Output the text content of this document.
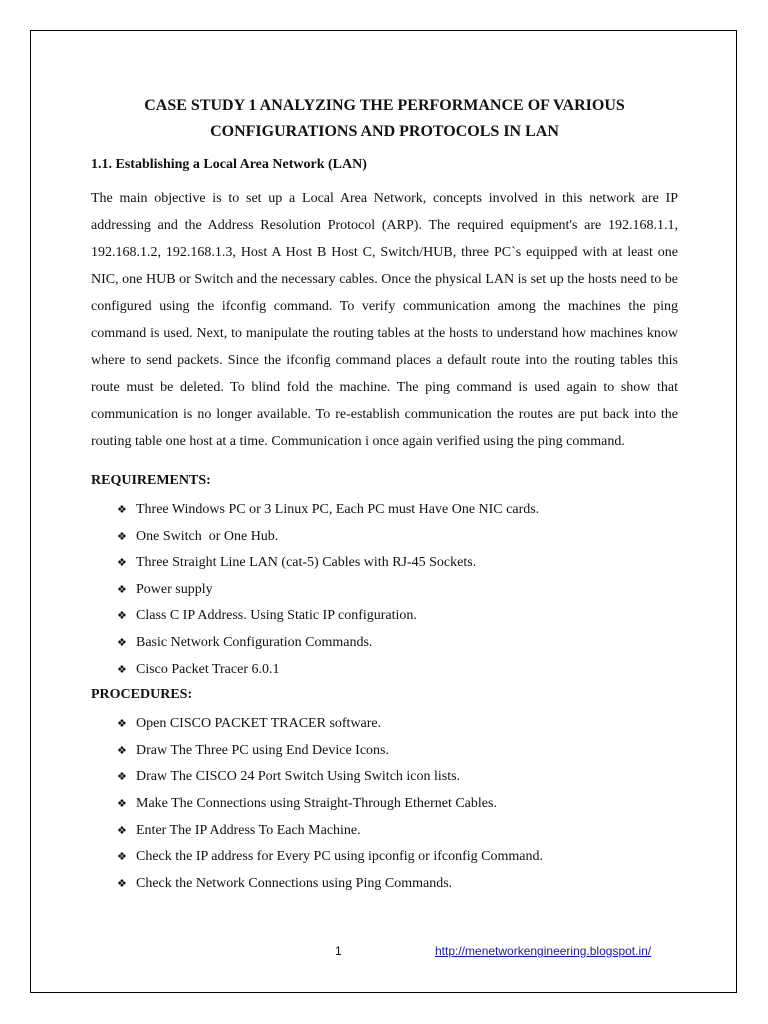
CASE STUDY 1 ANALYZING THE PERFORMANCE OF VARIOUS
CONFIGURATIONS AND PROTOCOLS IN LAN
1.1. Establishing a Local Area Network (LAN)

The main objective is to set up a Local Area Network, concepts involved in this network are IP addressing and the Address Resolution Protocol (ARP). The required equipment's are 192.168.1.1, 192.168.1.2, 192.168.1.3, Host A Host B Host C, Switch/HUB, three PC`s equipped with at least one NIC, one HUB or Switch and the necessary cables. Once the physical LAN is set up the hosts need to be configured using the ifconfig command. To verify communication among the machines the ping command is used. Next, to manipulate the routing tables at the hosts to understand how machines know where to send packets. Since the ifconfig command places a default route into the routing tables this route must be deleted. To blind fold the machine. The ping command is used again to show that communication is no longer available. To re-establish communication the routes are put back into the routing table one host at a time. Communication i once again verified using the ping command.

REQUIREMENTS:
❖ Three Windows PC or 3 Linux PC, Each PC must Have One NIC cards.
❖ One Switch  or One Hub.
❖ Three Straight Line LAN (cat-5) Cables with RJ-45 Sockets.
❖ Power supply
❖ Class C IP Address. Using Static IP configuration.
❖ Basic Network Configuration Commands.
❖ Cisco Packet Tracer 6.0.1
PROCEDURES:
❖ Open CISCO PACKET TRACER software.
❖ Draw The Three PC using End Device Icons.
❖ Draw The CISCO 24 Port Switch Using Switch icon lists.
❖ Make The Connections using Straight-Through Ethernet Cables.
❖ Enter The IP Address To Each Machine.
❖ Check the IP address for Every PC using ipconfig or ifconfig Command.
❖ Check the Network Connections using Ping Commands.
1	http://menetworkengineering.blogspot.in/
